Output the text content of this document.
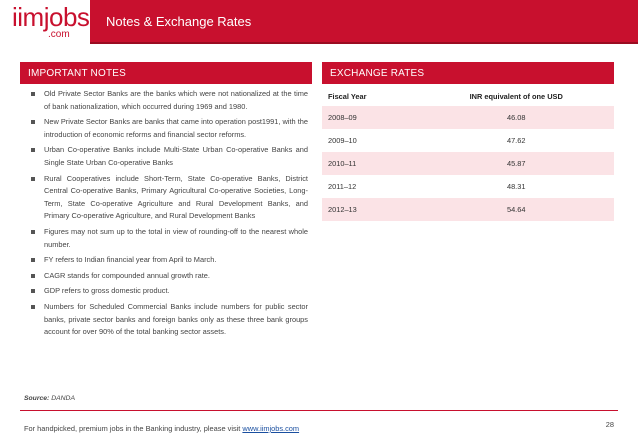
iimjobs
.com
Notes & Exchange Rates
IMPORTANT NOTES
Old Private Sector Banks are the banks which were not nationalized at the time of bank nationalization, which occurred during 1969 and 1980.
New Private Sector Banks are banks that came into operation post1991, with the introduction of economic reforms and financial sector reforms.
Urban Co-operative Banks include Multi-State Urban Co-operative Banks and Single State Urban Co-operative Banks
Rural Cooperatives include Short-Term, State Co-operative Banks, District Central Co-operative Banks, Primary Agricultural Co-operative Societies, Long-Term, State Co-operative Agriculture and Rural Development Banks, and Primary Co-operative Agriculture, and Rural Development Banks
Figures may not sum up to the total in view of rounding-off to the nearest whole number.
FY refers to Indian financial year from April to March.
CAGR stands for compounded annual growth rate.
GDP refers to gross domestic product.
Numbers for Scheduled Commercial Banks include numbers for public sector banks, private sector banks and foreign banks only as these three bank groups account for over 90% of the total banking sector assets.
EXCHANGE RATES
Fiscal Year	INR equivalent of one USD
2008–09	46.08
2009–10	47.62
2010–11	45.87
2011–12	48.31
2012–13	54.64
Source: DANDA
For handpicked, premium jobs in the Banking industry, please visit www.iimjobs.com	28
